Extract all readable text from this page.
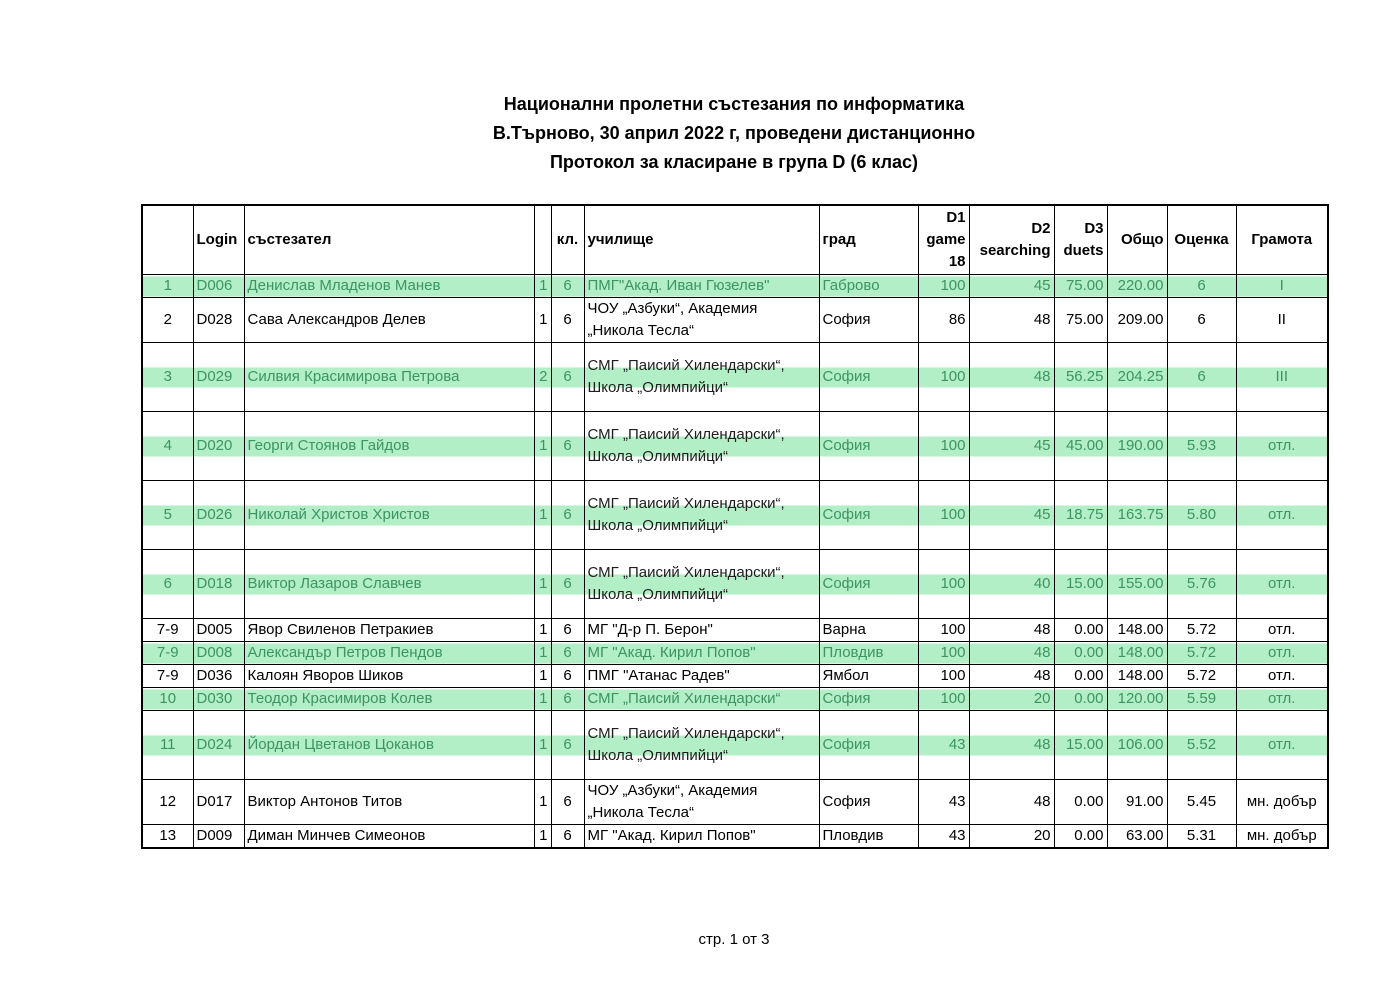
Национални пролетни състезания по информатика
В.Търново, 30 април 2022 г, проведени дистанционно
Протокол за класиране в група D (6 клас)
	Login	състезател		кл.	училище	град	D1
game
18	D2
searching	D3
duets	Общо	Оценка	Грамота
1	D006	Денислав Младенов Манев	1	6	ПМГ"Акад. Иван Гюзелев"	Габрово	100	45	75.00	220.00	6	I
2	D028	Сава Александров Делев	1	6	ЧОУ „Азбуки“, Академия
„Никола Тесла“	София	86	48	75.00	209.00	6	II
3	D029	Силвия Красимирова Петрова	2	6	СМГ „Паисий Хилендарски“,
Школа „Олимпийци“	София	100	48	56.25	204.25	6	III
4	D020	Георги Стоянов Гайдов	1	6	СМГ „Паисий Хилендарски“,
Школа „Олимпийци“	София	100	45	45.00	190.00	5.93	отл.
5	D026	Николай Христов Христов	1	6	СМГ „Паисий Хилендарски“,
Школа „Олимпийци“	София	100	45	18.75	163.75	5.80	отл.
6	D018	Виктор Лазаров Славчев	1	6	СМГ „Паисий Хилендарски“,
Школа „Олимпийци“	София	100	40	15.00	155.00	5.76	отл.
7-9	D005	Явор Свиленов Петракиев	1	6	МГ "Д-р П. Берон"	Варна	100	48	0.00	148.00	5.72	отл.
7-9	D008	Александър Петров Пендов	1	6	МГ "Акад. Кирил Попов"	Пловдив	100	48	0.00	148.00	5.72	отл.
7-9	D036	Калоян Яворов Шиков	1	6	ПМГ "Атанас Радев"	Ямбол	100	48	0.00	148.00	5.72	отл.
10	D030	Теодор Красимиров Колев	1	6	СМГ „Паисий Хилендарски“	София	100	20	0.00	120.00	5.59	отл.
11	D024	Йордан Цветанов Цоканов	1	6	СМГ „Паисий Хилендарски“,
Школа „Олимпийци“	София	43	48	15.00	106.00	5.52	отл.
12	D017	Виктор Антонов Титов	1	6	ЧОУ „Азбуки“, Академия
„Никола Тесла“	София	43	48	0.00	91.00	5.45	мн. добър
13	D009	Диман Минчев Симеонов	1	6	МГ "Акад. Кирил Попов"	Пловдив	43	20	0.00	63.00	5.31	мн. добър
стр. 1 от 3
